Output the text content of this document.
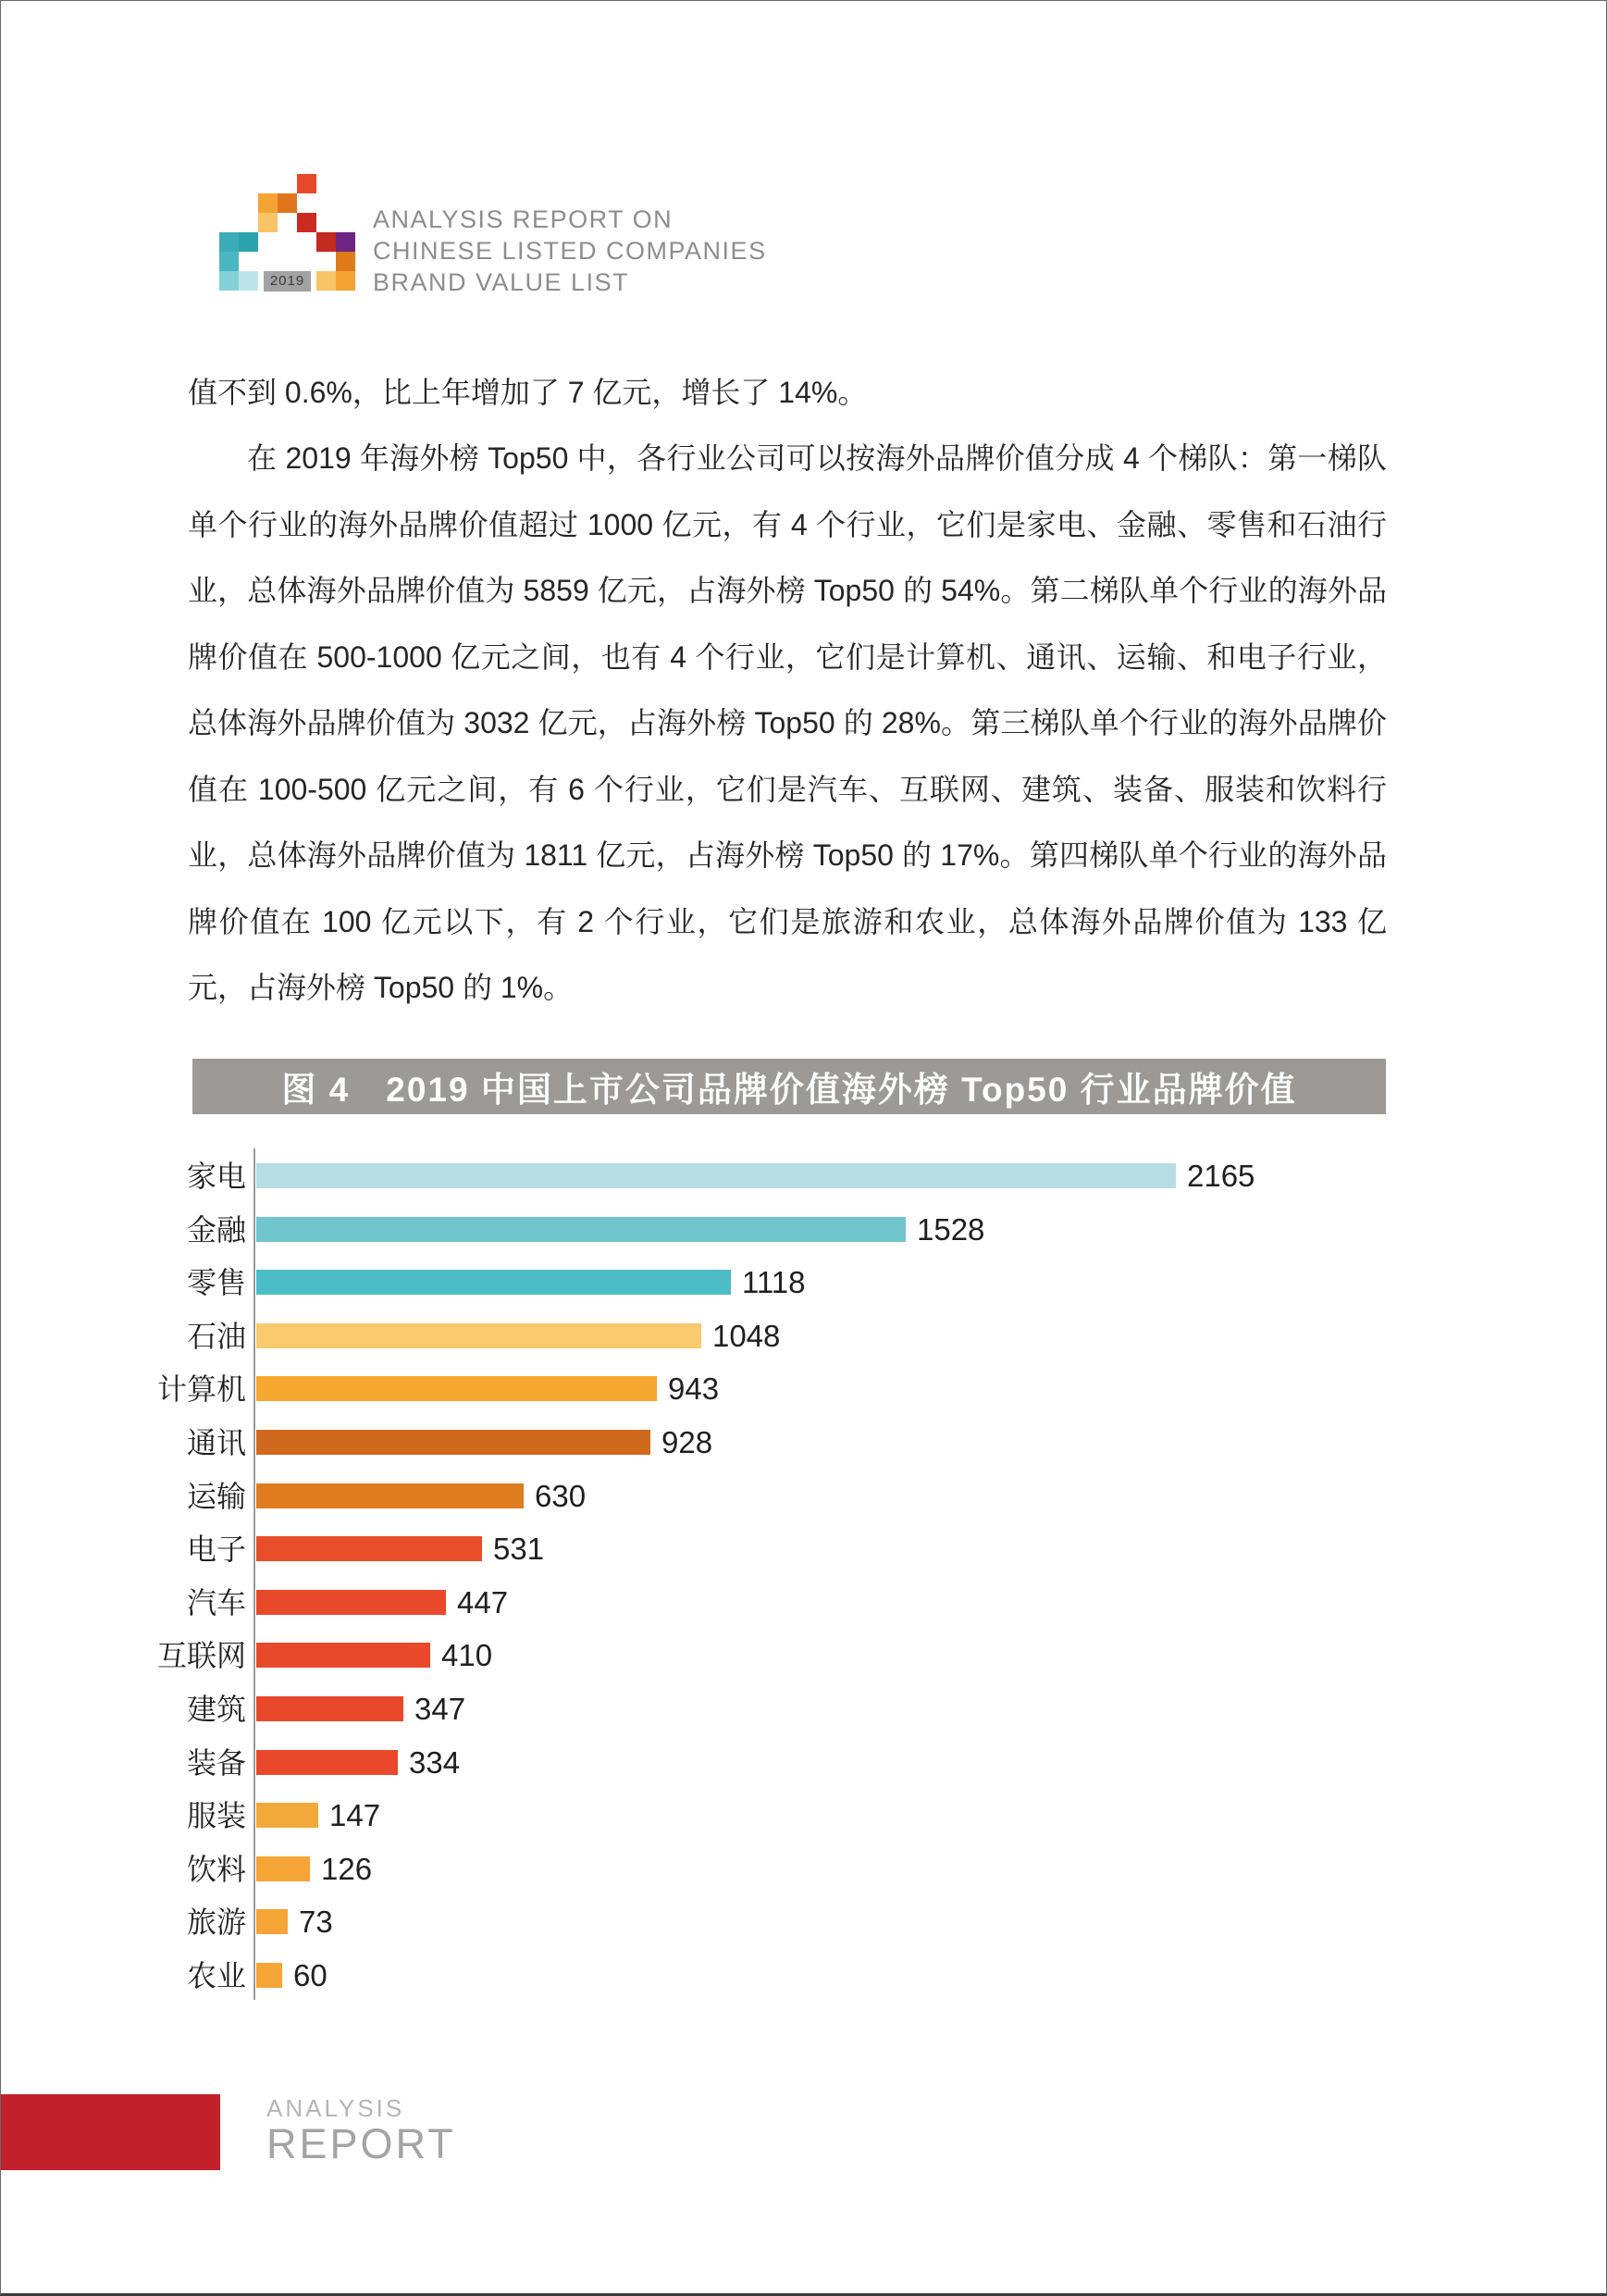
2019
ANALYSIS REPORT ON
CHINESE LISTED COMPANIES
BRAND VALUE LIST
值不到 0.6%，比上年增加了 7 亿元，增长了 14%。
在 2019 年海外榜 Top50 中，各行业公司可以按海外品牌价值分成 4 个梯队：第一梯队单个行业的海外品牌价值超过 1000 亿元，有 4 个行业，它们是家电、金融、零售和石油行业，总体海外品牌价值为 5859 亿元，占海外榜 Top50 的 54%。第二梯队单个行业的海外品牌价值在 500-1000 亿元之间，也有 4 个行业，它们是计算机、通讯、运输、和电子行业，总体海外品牌价值为 3032 亿元，占海外榜 Top50 的 28%。第三梯队单个行业的海外品牌价值在 100-500 亿元之间，有 6 个行业，它们是汽车、互联网、建筑、装备、服装和饮料行业，总体海外品牌价值为 1811 亿元，占海外榜 Top50 的 17%。第四梯队单个行业的海外品牌价值在 100 亿元以下，有 2 个行业，它们是旅游和农业，总体海外品牌价值为 133 亿元，占海外榜 Top50 的 1%。
图 4　2019 中国上市公司品牌价值海外榜 Top50 行业品牌价值
家电	2165
金融	1528
零售	1118
石油	1048
计算机	943
通讯	928
运输	630
电子	531
汽车	447
互联网	410
建筑	347
装备	334
服装	147
饮料 126
旅游 73
农业 60
ANALYSIS
REPORT
